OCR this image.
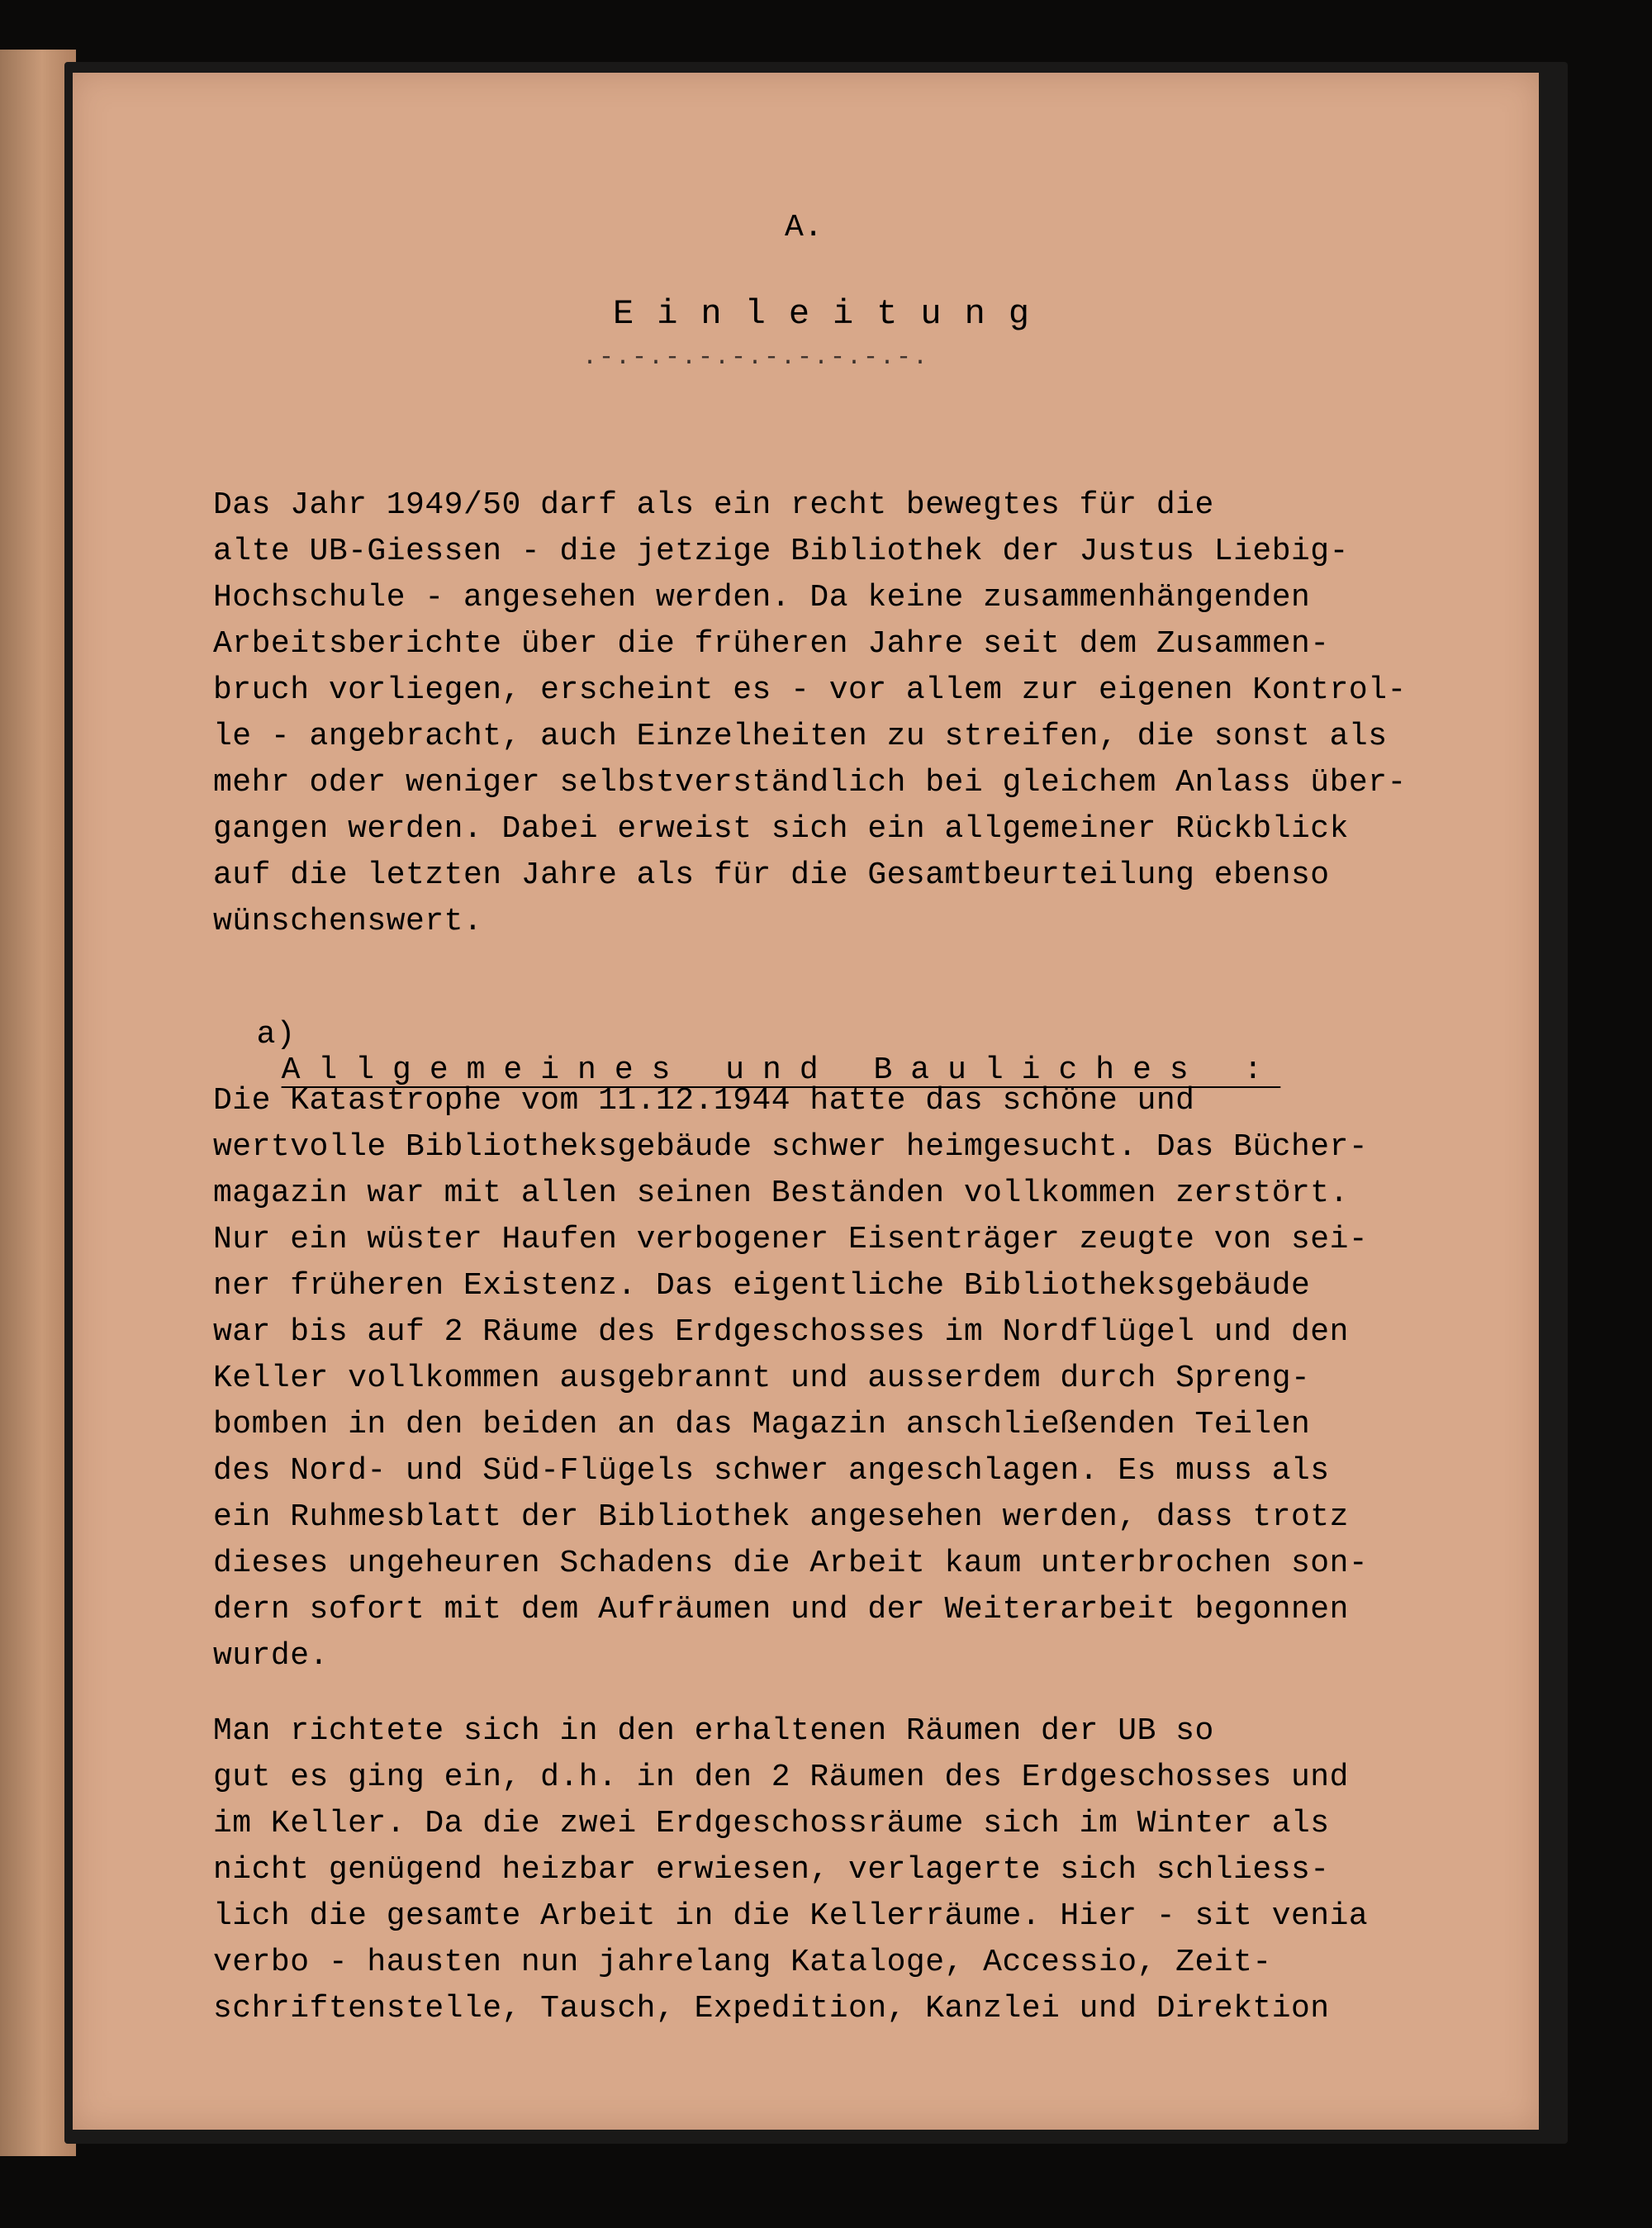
A.
Einleitung
.-.-.-.-.-.-.-.-.-.-.
Das Jahr 1949/50 darf als ein recht bewegtes für die
alte UB-Giessen - die jetzige Bibliothek der Justus Liebig-
Hochschule - angesehen werden. Da keine zusammenhängenden
Arbeitsberichte über die früheren Jahre seit dem Zusammen-
bruch vorliegen, erscheint es - vor allem zur eigenen Kontrol-
le - angebracht, auch Einzelheiten zu streifen, die sonst als
mehr oder weniger selbstverständlich bei gleichem Anlass über-
gangen werden. Dabei erweist sich ein allgemeiner Rückblick
auf die letzten Jahre als für die Gesamtbeurteilung ebenso
wünschenswert.

a)
Allgemeines und Bauliches :

Die Katastrophe vom 11.12.1944 hatte das schöne und
wertvolle Bibliotheksgebäude schwer heimgesucht. Das Bücher-
magazin war mit allen seinen Beständen vollkommen zerstört.
Nur ein wüster Haufen verbogener Eisenträger zeugte von sei-
ner früheren Existenz. Das eigentliche Bibliotheksgebäude
war bis auf 2 Räume des Erdgeschosses im Nordflügel und den
Keller vollkommen ausgebrannt und ausserdem durch Spreng-
bomben in den beiden an das Magazin anschließenden Teilen
des Nord- und Süd-Flügels schwer angeschlagen. Es muss als
ein Ruhmesblatt der Bibliothek angesehen werden, dass trotz
dieses ungeheuren Schadens die Arbeit kaum unterbrochen son-
dern sofort mit dem Aufräumen und der Weiterarbeit begonnen
wurde.
Man richtete sich in den erhaltenen Räumen der UB so
gut es ging ein, d.h. in den 2 Räumen des Erdgeschosses und
im Keller. Da die zwei Erdgeschossräume sich im Winter als
nicht genügend heizbar erwiesen, verlagerte sich schliess-
lich die gesamte Arbeit in die Kellerräume. Hier - sit venia
verbo - hausten nun jahrelang Kataloge, Accessio, Zeit-
schriftenstelle, Tausch, Expedition, Kanzlei und Direktion
